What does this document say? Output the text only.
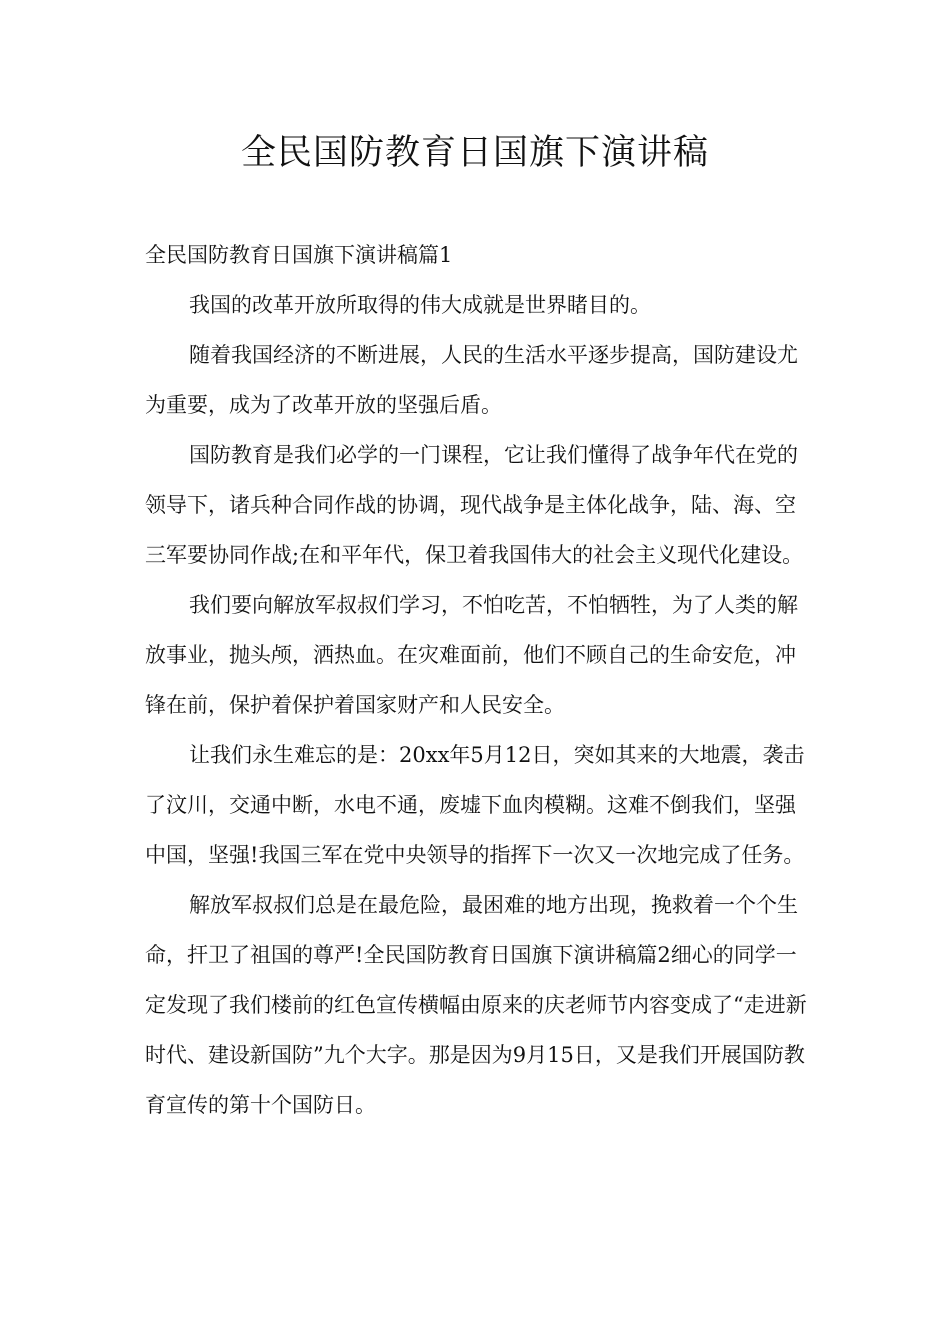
全民国防教育日国旗下演讲稿

全民国防教育日国旗下演讲稿篇1

我国的改革开放所取得的伟大成就是世界睹目的。

随着我国经济的不断进展，人民的生活水平逐步提高，国防建设尤为重要，成为了改革开放的坚强后盾。

国防教育是我们必学的一门课程，它让我们懂得了战争年代在党的领导下，诸兵种合同作战的协调，现代战争是主体化战争，陆、海、空三军要协同作战;在和平年代，保卫着我国伟大的社会主义现代化建设。

我们要向解放军叔叔们学习，不怕吃苦，不怕牺牲，为了人类的解放事业，抛头颅，洒热血。在灾难面前，他们不顾自己的生命安危，冲锋在前，保护着保护着国家财产和人民安全。

让我们永生难忘的是：20xx年5月12日，突如其来的大地震，袭击了汶川，交通中断，水电不通，废墟下血肉模糊。这难不倒我们，坚强中国，坚强!我国三军在党中央领导的指挥下一次又一次地完成了任务。

解放军叔叔们总是在最危险，最困难的地方出现，挽救着一个个生命，扞卫了祖国的尊严!全民国防教育日国旗下演讲稿篇2细心的同学一定发现了我们楼前的红色宣传横幅由原来的庆老师节内容变成了“走进新时代、建设新国防”九个大字。那是因为9月15日，又是我们开展国防教育宣传的第十个国防日。
